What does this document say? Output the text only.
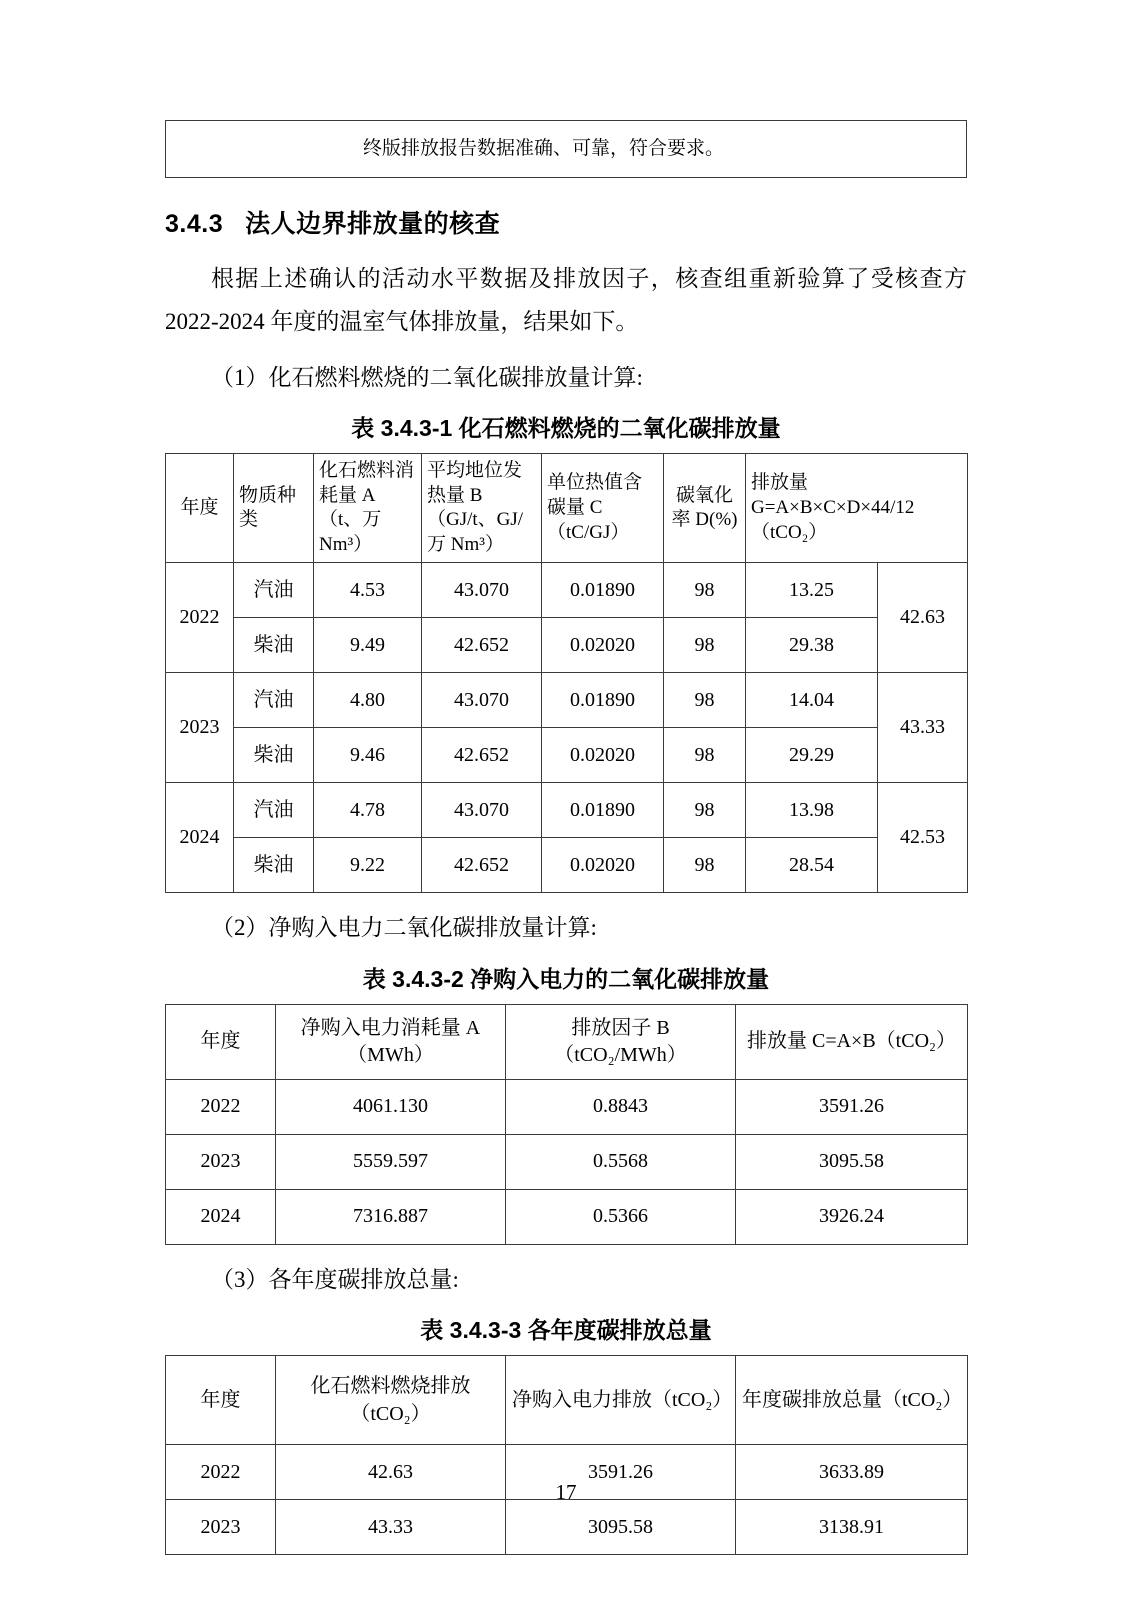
	终版排放报告数据准确、可靠，符合要求。
3.4.3 法人边界排放量的核查

根据上述确认的活动水平数据及排放因子，核查组重新验算了受核查方 2022-2024 年度的温室气体排放量，结果如下。

（1）化石燃料燃烧的二氧化碳排放量计算:

表 3.4.3-1 化石燃料燃烧的二氧化碳排放量

年度	物质种类	化石燃料消耗量 A（t、万 Nm³）	平均地位发热量 B（GJ/t、GJ/万 Nm³）	单位热值含碳量 C（tC/GJ）	碳氧化率 D(%)	排放量 G=A×B×C×D×44/12（tCO₂）	
2022	汽油	4.53	43.070	0.01890	98	13.25	42.63
	柴油	9.49	42.652	0.02020	98	29.38	
2023	汽油	4.80	43.070	0.01890	98	14.04	43.33
	柴油	9.46	42.652	0.02020	98	29.29	
2024	汽油	4.78	43.070	0.01890	98	13.98	42.53
	柴油	9.22	42.652	0.02020	98	28.54	

（2）净购入电力二氧化碳排放量计算:

表 3.4.3-2 净购入电力的二氧化碳排放量

年度	净购入电力消耗量 A（MWh）	排放因子 B（tCO₂/MWh）	排放量 C=A×B（tCO₂）
2022	4061.130	0.8843	3591.26
2023	5559.597	0.5568	3095.58
2024	7316.887	0.5366	3926.24

（3）各年度碳排放总量:

表 3.4.3-3 各年度碳排放总量

年度	化石燃料燃烧排放（tCO₂）	净购入电力排放（tCO₂）	年度碳排放总量（tCO₂）
2022	42.63	3591.26	3633.89
2023	43.33	3095.58	3138.91
17
